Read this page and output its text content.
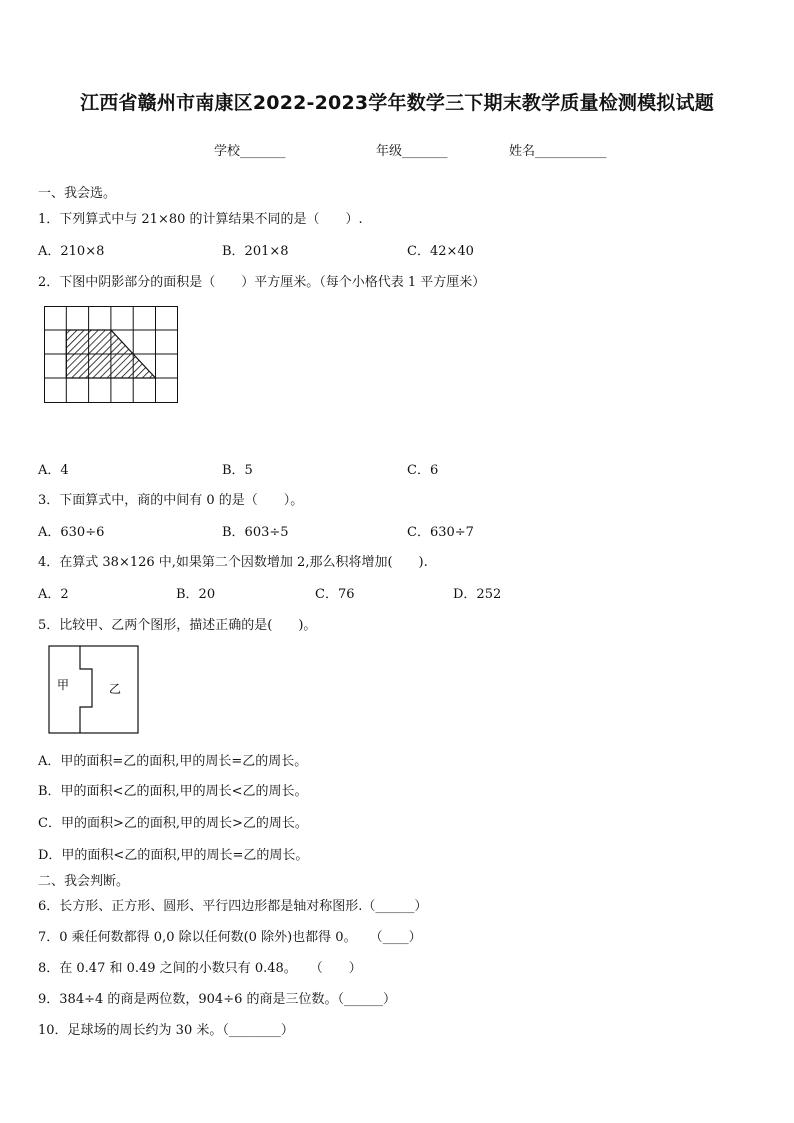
江西省赣州市南康区2022-2023学年数学三下期末教学质量检测模拟试题
学校_______	年级_______	姓名___________
一、我会选。
1．下列算式中与 21×80 的计算结果不同的是（　　）.
A．210×8	B．201×8	C．42×40
2．下图中阴影部分的面积是（　　）平方厘米。（每个小格代表 1 平方厘米）
A．4	B．5	C．6
3．下面算式中，商的中间有 0 的是（　　）。
A．630÷6	B．603÷5	C．630÷7
4．在算式 38×126 中,如果第二个因数增加 2,那么积将增加(　　).
A．2	B．20	C．76	D．252
5．比较甲、乙两个图形，描述正确的是(　　)。
甲	乙
A．甲的面积=乙的面积,甲的周长=乙的周长。
B．甲的面积<乙的面积,甲的周长<乙的周长。
C．甲的面积>乙的面积,甲的周长>乙的周长。
D．甲的面积<乙的面积,甲的周长=乙的周长。
二、我会判断。
6．长方形、正方形、圆形、平行四边形都是轴对称图形.（______）
7．0 乘任何数都得 0,0 除以任何数(0 除外)也都得 0。　　（____）
8．在 0.47 和 0.49 之间的小数只有 0.48。　　（　　）
9．384÷4 的商是两位数，904÷6 的商是三位数。（______）
10．足球场的周长约为 30 米。（________）
